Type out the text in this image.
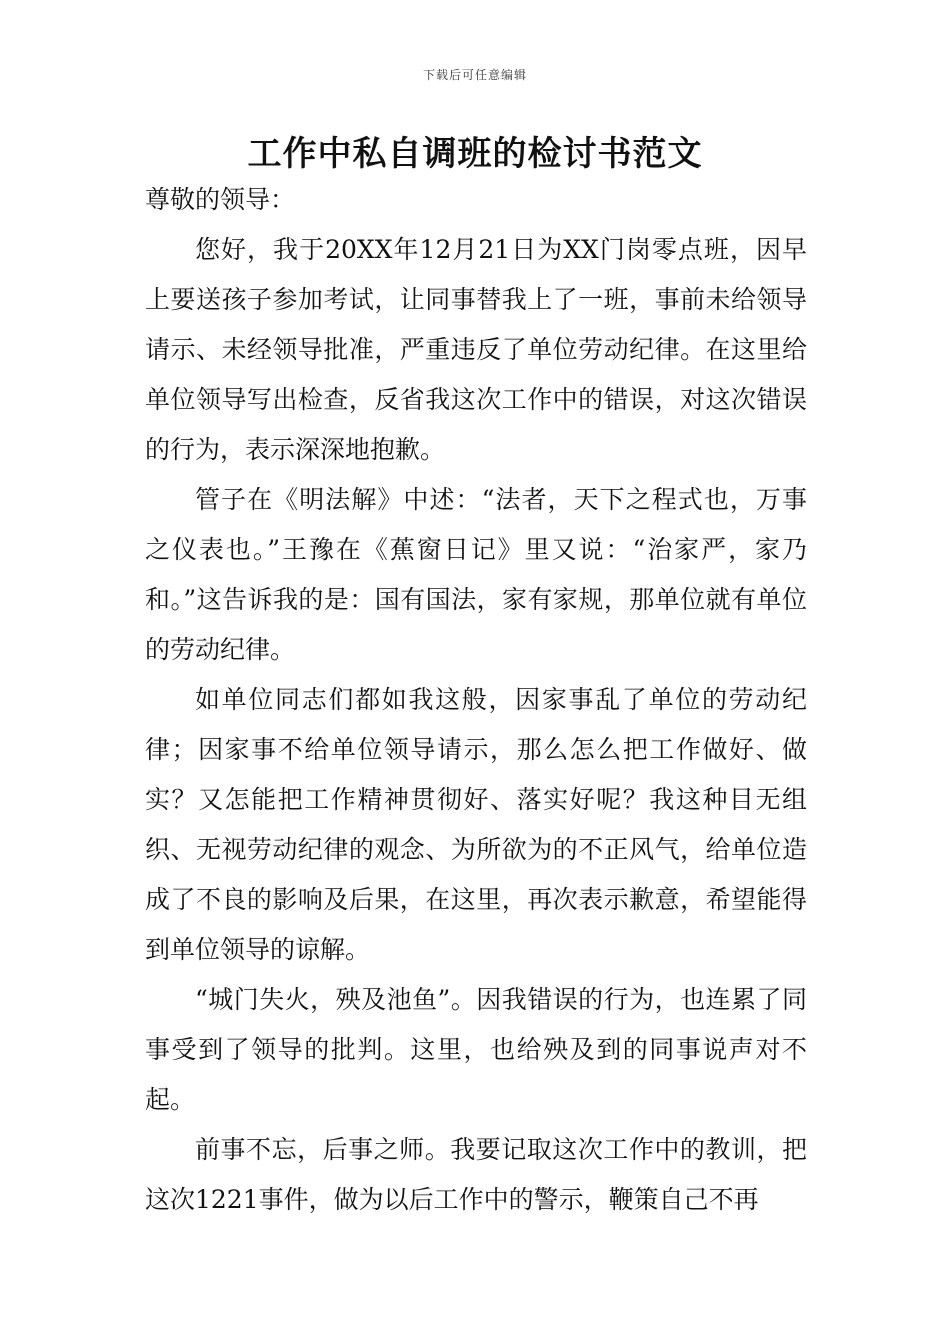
下载后可任意编辑
工作中私自调班的检讨书范文

尊敬的领导：

您好，我于20XX年12月21日为XX门岗零点班，因早上要送孩子参加考试，让同事替我上了一班，事前未给领导请示、未经领导批准，严重违反了单位劳动纪律。在这里给单位领导写出检查，反省我这次工作中的错误，对这次错误的行为，表示深深地抱歉。

管子在《明法解》中述：“法者，天下之程式也，万事之仪表也。”王豫在《蕉窗日记》里又说：“治家严，家乃和。”这告诉我的是：国有国法，家有家规，那单位就有单位的劳动纪律。

如单位同志们都如我这般，因家事乱了单位的劳动纪律；因家事不给单位领导请示，那么怎么把工作做好、做实？又怎能把工作精神贯彻好、落实好呢？我这种目无组织、无视劳动纪律的观念、为所欲为的不正风气，给单位造成了不良的影响及后果，在这里，再次表示歉意，希望能得到单位领导的谅解。

“城门失火，殃及池鱼”。因我错误的行为，也连累了同事受到了领导的批判。这里，也给殃及到的同事说声对不起。

前事不忘，后事之师。我要记取这次工作中的教训，把这次1221事件，做为以后工作中的警示，鞭策自己不再
